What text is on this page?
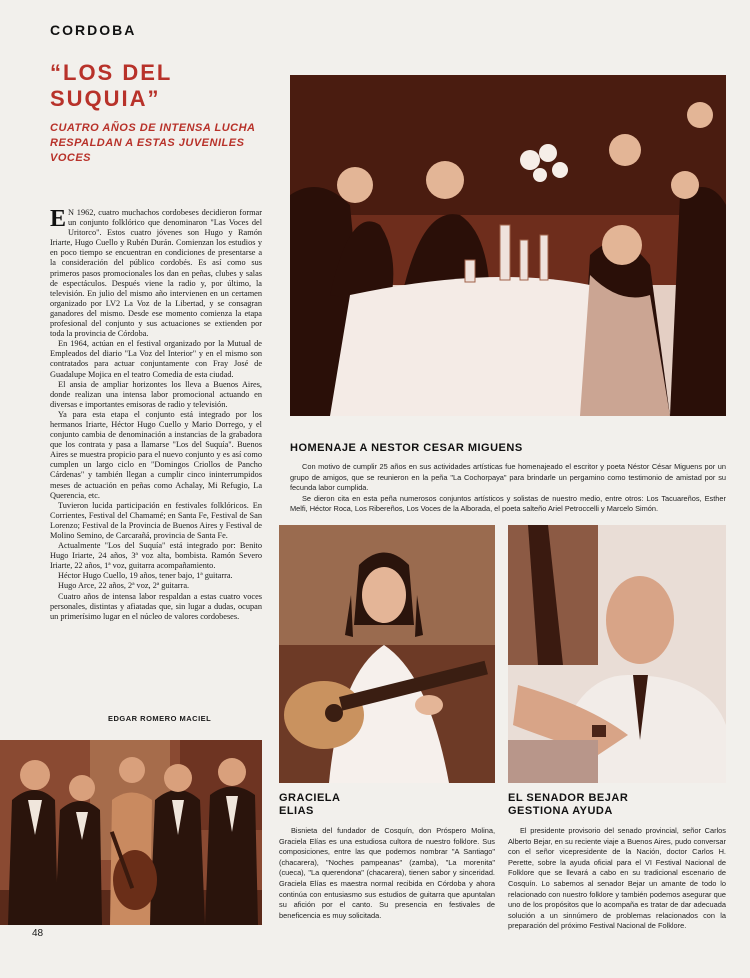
CORDOBA
“LOS DEL SUQUIA”
CUATRO AÑOS DE INTENSA LUCHA RESPALDAN A ESTAS JUVENILES VOCES

E N 1962, cuatro muchachos cordobeses decidieron formar un conjunto folklórico que denominaron "Las Voces del Uritorco". Estos cuatro jóvenes son Hugo y Ramón Iriarte, Hugo Cuello y Rubén Durán. Comienzan los estudios y en poco tiempo se encuentran en condiciones de presentarse a la consideración del público cordobés. Es así como sus primeros pasos promocionales los dan en peñas, clubes y salas de espectáculos. Después viene la radio y, por último, la televisión. En julio del mismo año intervienen en un certamen organizado por LV2 La Voz de la Libertad, y se consagran ganadores del mismo. Desde ese momento comienza la etapa profesional del conjunto y sus actuaciones se extienden por toda la provincia de Córdoba.

En 1964, actúan en el festival organizado por la Mutual de Empleados del diario "La Voz del Interior" y en el mismo son contratados para actuar conjuntamente con Fray José de Guadalupe Mojica en el teatro Comedia de esta ciudad.

El ansia de ampliar horizontes los lleva a Buenos Aires, donde realizan una intensa labor promocional actuando en diversas e importantes emisoras de radio y televisión.

Ya para esta etapa el conjunto está integrado por los hermanos Iriarte, Héctor Hugo Cuello y Mario Dorrego, y el conjunto cambia de denominación a instancias de la grabadora que los contrata y pasa a llamarse "Los del Suquía". Buenos Aires se muestra propicio para el nuevo conjunto y es así como cumplen un largo ciclo en "Domingos Criollos de Pancho Cárdenas" y también llegan a cumplir cinco ininterrumpidos meses de actuación en peñas como Achalay, Mi Refugio, La Querencia, etc.

Tuvieron lucida participación en festivales folklóricos. En Corrientes, Festival del Chamamé; en Santa Fe, Festival de San Lorenzo; Festival de la Provincia de Buenos Aires y Festival de Molino Semino, de Carcarañá, provincia de Santa Fe.

Actualmente "Los del Suquía" está integrado por: Benito Hugo Iriarte, 24 años, 3ª voz alta, bombista. Ramón Severo Iriarte, 22 años, 1ª voz, guitarra acompañamiento.

Héctor Hugo Cuello, 19 años, tener bajo, 1ª guitarra.

Hugo Arce, 22 años, 2ª voz, 2ª guitarra.

Cuatro años de intensa labor respaldan a estas cuatro voces personales, distintas y afiatadas que, sin lugar a dudas, ocupan un primerísimo lugar en el núcleo de valores cordobeses.

EDGAR ROMERO MACIEL
HOMENAJE A NESTOR CESAR MIGUENS

Con motivo de cumplir 25 años en sus actividades artísticas fue homenajeado el escritor y poeta Néstor César Miguens por un grupo de amigos, que se reunieron en la peña "La Cochorpaya" para brindarle un pergamino como testimonio de amistad por su fecunda labor cumplida.

Se dieron cita en esta peña numerosos conjuntos artísticos y solistas de nuestro medio, entre otros: Los Tacuareños, Esther Melfi, Héctor Roca, Los Ribereños, Los Voces de la Alborada, el poeta salteño Ariel Petroccelli y Marcelo Simón.

GRACIELA
ELIAS

Bisnieta del fundador de Cosquín, don Próspero Molina, Graciela Elías es una estudiosa cultora de nuestro folklore. Sus composiciones, entre las que podemos nombrar "A Santiago" (chacarera), "Noches pampeanas" (zamba), "La morenita" (cueca), "La querendona" (chacarera), tienen sabor y sinceridad. Graciela Elías es maestra normal recibida en Córdoba y ahora continúa con entusiasmo sus estudios de guitarra que apuntalan su afición por el canto. Su presencia en festivales de beneficencia es muy solicitada.

EL SENADOR BEJAR
GESTIONA AYUDA

El presidente provisorio del senado provincial, señor Carlos Alberto Bejar, en su reciente viaje a Buenos Aires, pudo conversar con el señor vicepresidente de la Nación, doctor Carlos H. Perette, sobre la ayuda oficial para el VI Festival Nacional de Folklore que se llevará a cabo en su tradicional escenario de Cosquín. Lo sabemos al senador Bejar un amante de todo lo relacionado con nuestro folklore y también podemos asegurar que uno de los propósitos que lo acompaña es tratar de dar adecuada solución a un sinnúmero de problemas relacionados con la preparación del próximo Festival Nacional de Folklore.

48
